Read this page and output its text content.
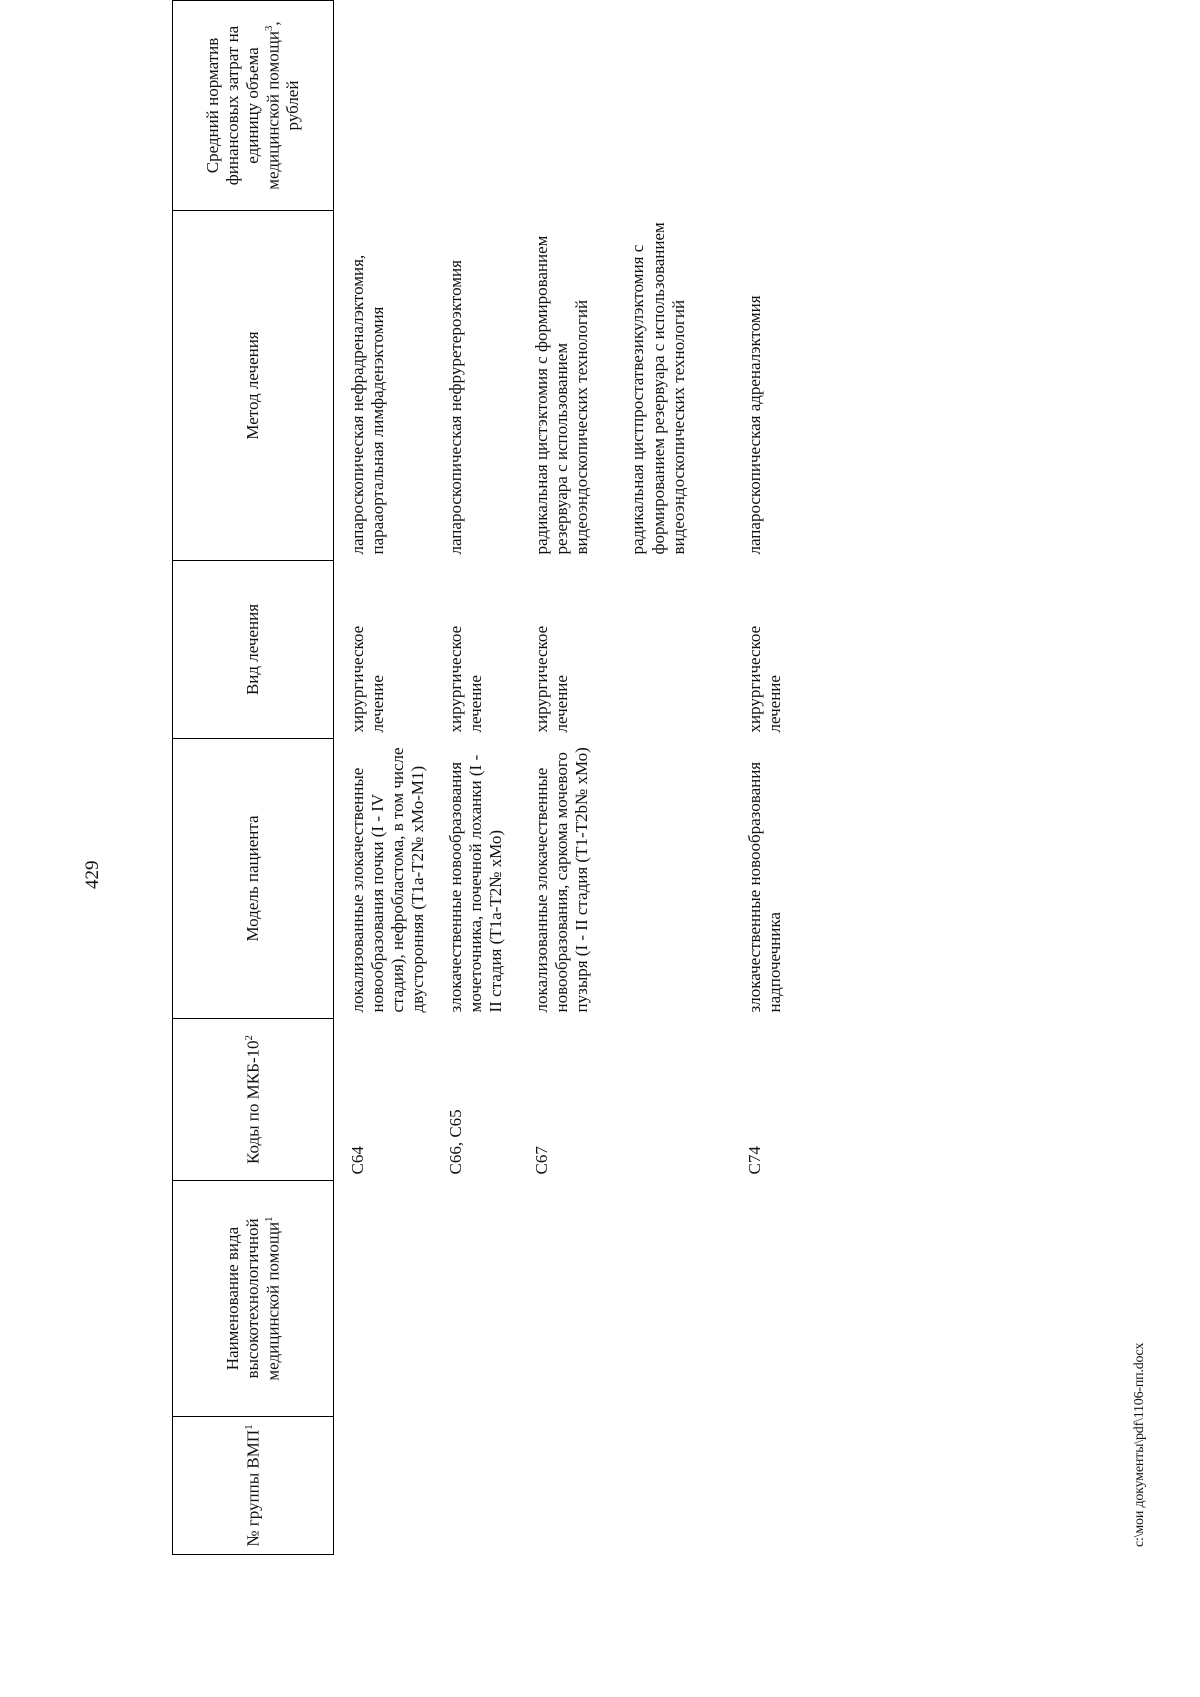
429
№ группы ВМП$^1$	Наименование вида высокотехнологичной медицинской помощи$^1$	Коды по МКБ-$10^2$	Модель пациента	Вид лечения	Метод лечения	Средний норматив финансовых затрат на единицу объема медицинской помощи$^3$, рублей
		C64	локализованные злокачественные новообразования почки (I - IV стадия), нефробластома, в том числе двусторонняя (T1a-T2№ хМо-M1)	хирургическое лечение	лапароскопическая нефрадреналэктомия, парааортальная лимфаденэктомия	

		C66, C65	злокачественные новообразования мочеточника, почечной лоханки (I - II стадия (T1a-T2№ хМо)	хирургическое лечение	лапароскопическая нефруретероэктомия	

		C67	локализованные злокачественные новообразования, саркома мочевого пузыря (I - II стадия (T1-T2b№ хМо)	хирургическое лечение	радикальная цистэктомия с формированием резервуара с использованием видеоэндоскопических технологий радикальная цистпростатвезикулэктомия с формированием резервуара с использованием видеоэндоскопических технологий	

		C74	злокачественные новообразования надпочечника	хирургическое лечение	лапароскопическая адреналэктомия	

c:\мои документы\pdf\1106-пп.docx
